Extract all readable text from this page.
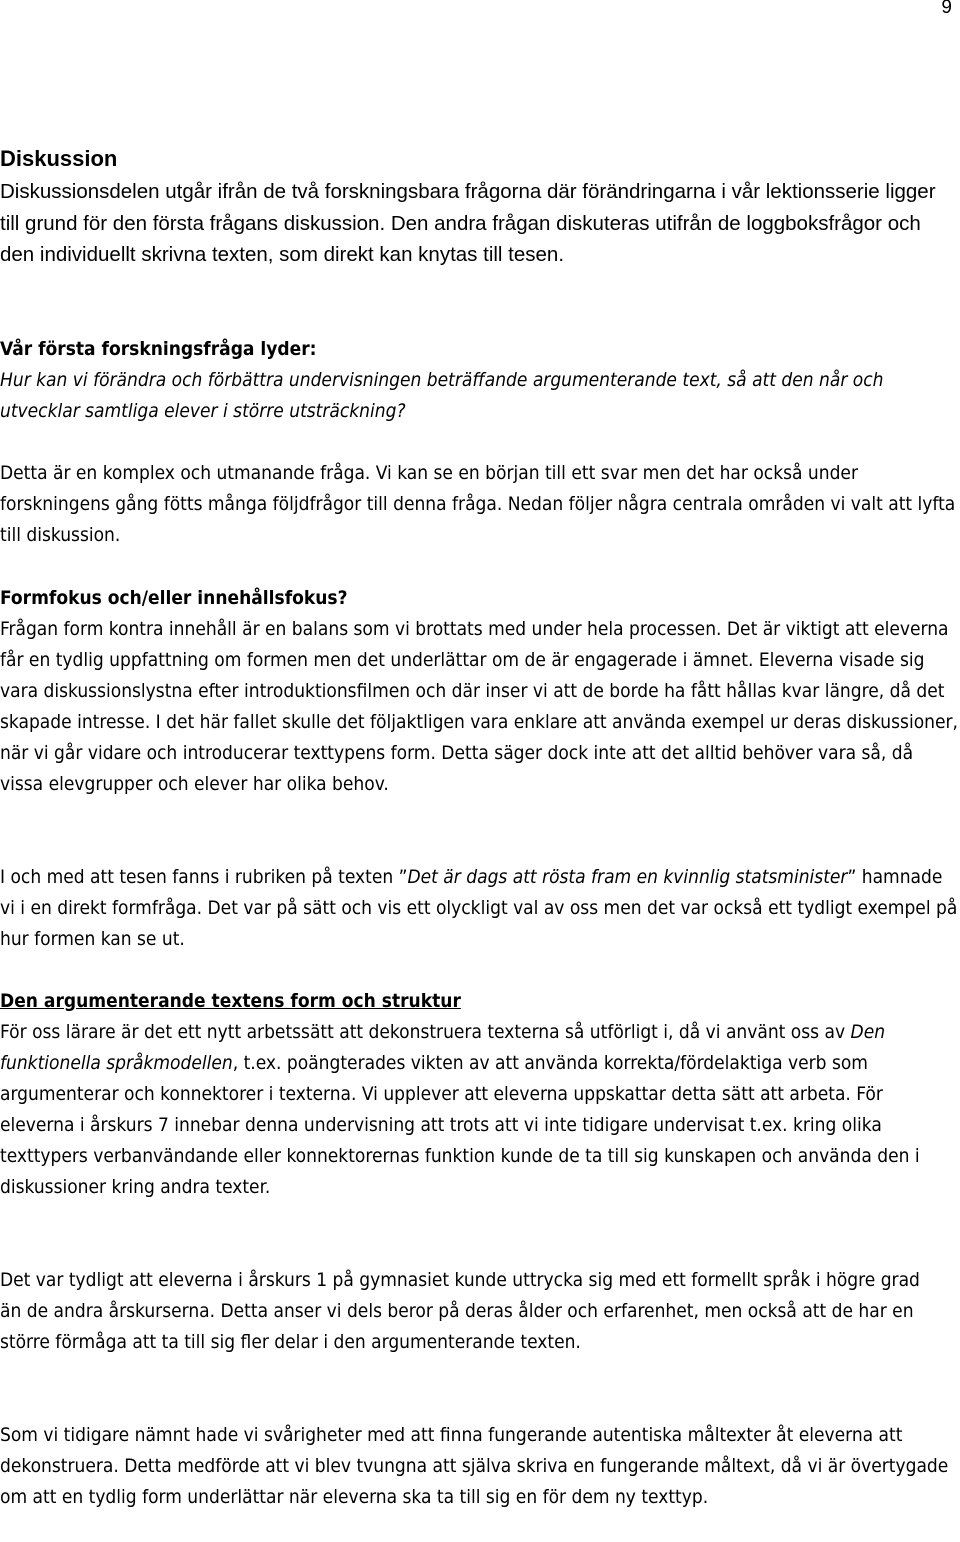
9
Diskussion

Diskussionsdelen utgår ifrån de två forskningsbara frågorna där förändringarna i vår lektionsserie ligger till grund för den första frågans diskussion. Den andra frågan diskuteras utifrån de loggboksfrågor och den individuellt skrivna texten, som direkt kan knytas till tesen.

Vår första forskningsfråga lyder:

Hur kan vi förändra och förbättra undervisningen beträffande argumenterande text, så att den når och utvecklar samtliga elever i större utsträckning?

Detta är en komplex och utmanande fråga. Vi kan se en början till ett svar men det har också under forskningens gång fötts många följdfrågor till denna fråga. Nedan följer några centrala områden vi valt att lyfta till diskussion.

Formfokus och/eller innehållsfokus?

Frågan form kontra innehåll är en balans som vi brottats med under hela processen. Det är viktigt att eleverna får en tydlig uppfattning om formen men det underlättar om de är engagerade i ämnet. Eleverna visade sig vara diskussionslystna efter introduktionsfilmen och där inser vi att de borde ha fått hållas kvar längre, då det skapade intresse. I det här fallet skulle det följaktligen vara enklare att använda exempel ur deras diskussioner, när vi går vidare och introducerar texttypens form. Detta säger dock inte att det alltid behöver vara så, då vissa elevgrupper och elever har olika behov.

I och med att tesen fanns i rubriken på texten ”Det är dags att rösta fram en kvinnlig statsminister” hamnade vi i en direkt formfråga. Det var på sätt och vis ett olyckligt val av oss men det var också ett tydligt exempel på hur formen kan se ut.

Den argumenterande textens form och struktur

För oss lärare är det ett nytt arbetssätt att dekonstruera texterna så utförligt i, då vi använt oss av Den funktionella språkmodellen, t.ex. poängterades vikten av att använda korrekta/fördelaktiga verb som argumenterar och konnektorer i texterna. Vi upplever att eleverna uppskattar detta sätt att arbeta. För eleverna i årskurs 7 innebar denna undervisning att trots att vi inte tidigare undervisat t.ex. kring olika texttypers verbanvändande eller konnektorernas funktion kunde de ta till sig kunskapen och använda den i diskussioner kring andra texter.

Det var tydligt att eleverna i årskurs 1 på gymnasiet kunde uttrycka sig med ett formellt språk i högre grad än de andra årskurserna. Detta anser vi dels beror på deras ålder och erfarenhet, men också att de har en större förmåga att ta till sig fler delar i den argumenterande texten.

Som vi tidigare nämnt hade vi svårigheter med att finna fungerande autentiska måltexter åt eleverna att dekonstruera. Detta medförde att vi blev tvungna att själva skriva en fungerande måltext, då vi är övertygade om att en tydlig form underlättar när eleverna ska ta till sig en för dem ny texttyp.
